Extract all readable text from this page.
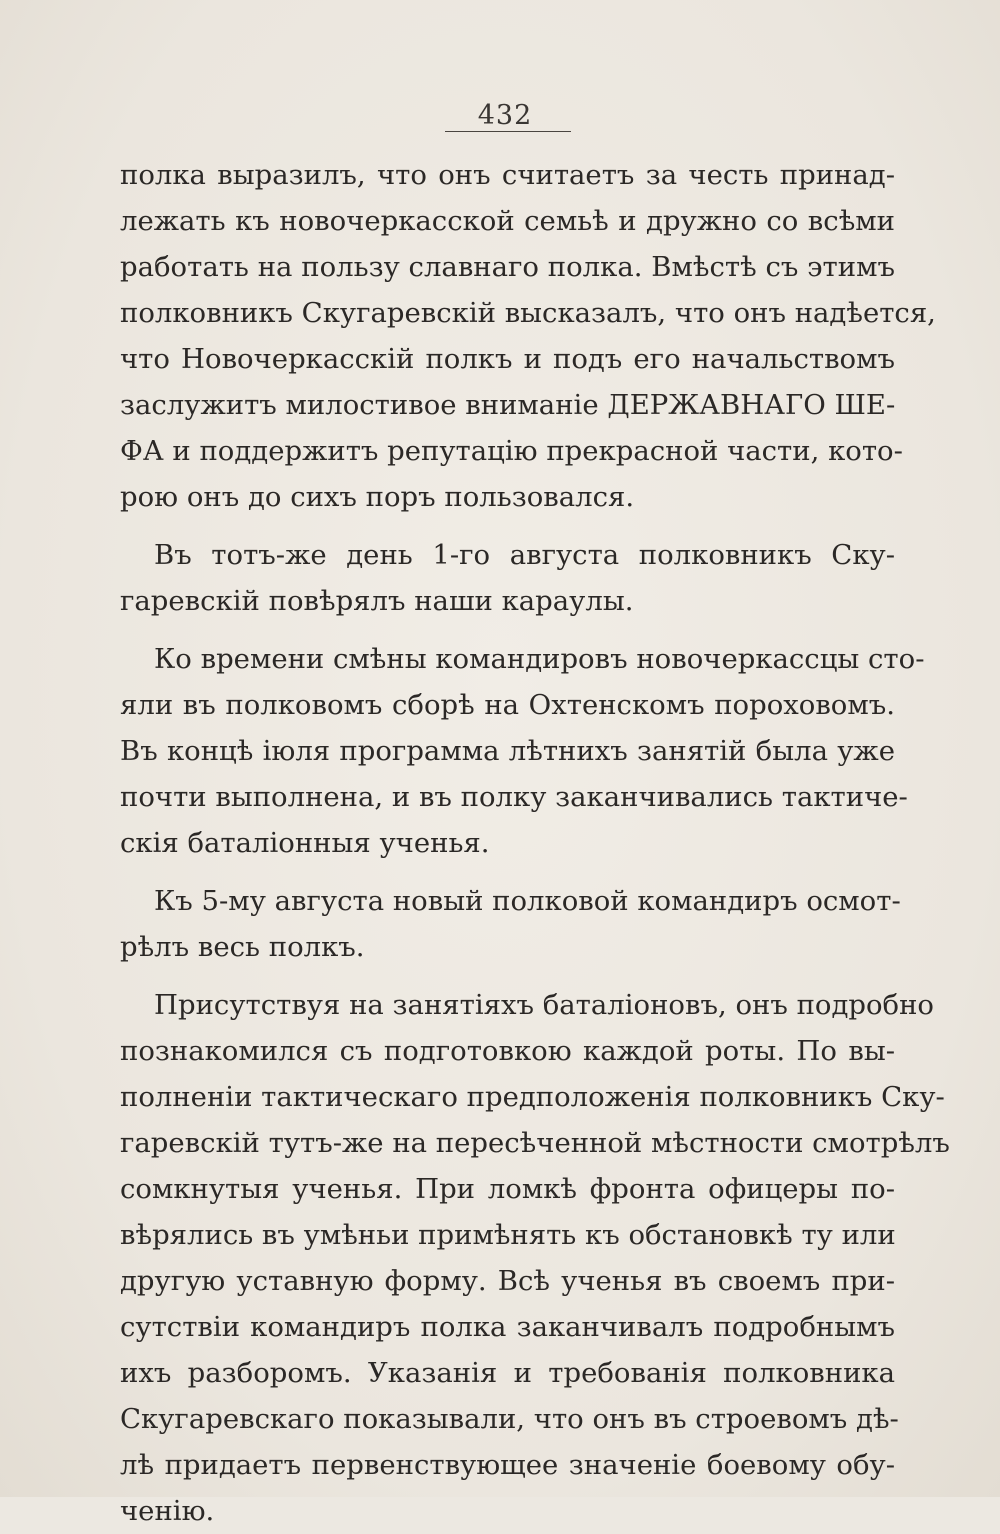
432
полка выразилъ, что онъ считаетъ за честь принад-
лежать къ новочеркасской семьѣ и дружно со всѣми
работать на пользу славнаго полка. Вмѣстѣ съ этимъ
полковникъ Скугаревскій высказалъ, что онъ надѣется,
что Новочеркасскій полкъ и подъ его начальствомъ
заслужитъ милостивое вниманіе ДЕРЖАВНАГО ШЕ-
ФА и поддержитъ репутацію прекрасной части, кото-
рою онъ до сихъ поръ пользовался.
Въ тотъ-же день 1-го августа полковникъ Ску-
гаревскій повѣрялъ наши караулы.
Ко времени смѣны командировъ новочеркассцы сто-
яли въ полковомъ сборѣ на Охтенскомъ пороховомъ.
Въ концѣ іюля программа лѣтнихъ занятій была уже
почти выполнена, и въ полку заканчивались тактиче-
скія баталіонныя ученья.
Къ 5-му августа новый полковой командиръ осмот-
рѣлъ весь полкъ.
Присутствуя на занятіяхъ баталіоновъ, онъ подробно
познакомился съ подготовкою каждой роты. По вы-
полненіи тактическаго предположенія полковникъ Ску-
гаревскій тутъ-же на пересѣченной мѣстности смотрѣлъ
сомкнутыя ученья. При ломкѣ фронта офицеры по-
вѣрялись въ умѣньи примѣнять къ обстановкѣ ту или
другую уставную форму. Всѣ ученья въ своемъ при-
сутствіи командиръ полка заканчивалъ подробнымъ
ихъ разборомъ. Указанія и требованія полковника
Скугаревскаго показывали, что онъ въ строевомъ дѣ-
лѣ придаетъ первенствующее значеніе боевому обу-
ченію.
